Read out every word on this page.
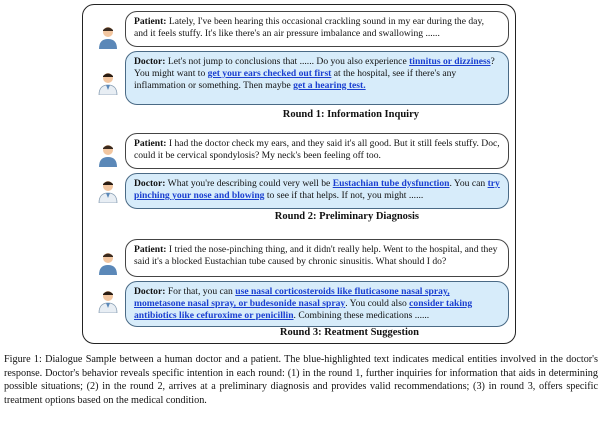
Patient: Lately, I've been hearing this occasional crackling sound in my ear during the day, and it feels stuffy. It's like there's an air pressure imbalance and swallowing ......
Doctor: Let's not jump to conclusions that ...... Do you also experience tinnitus or dizziness? You might want to get your ears checked out first at the hospital, see if there's any inflammation or something. Then maybe get a hearing test.
Round 1: Information Inquiry
Patient: I had the doctor check my ears, and they said it's all good. But it still feels stuffy. Doc, could it be cervical spondylosis? My neck's been feeling off too.
Doctor: What you're describing could very well be Eustachian tube dysfunction. You can try pinching your nose and blowing to see if that helps. If not, you might ......
Round 2: Preliminary Diagnosis
Patient: I tried the nose-pinching thing, and it didn't really help. Went to the hospital, and they said it's a blocked Eustachian tube caused by chronic sinusitis. What should I do?
Doctor: For that, you can use nasal corticosteroids like fluticasone nasal spray, mometasone nasal spray, or budesonide nasal spray. You could also consider taking antibiotics like cefuroxime or penicillin. Combining these medications ......
Round 3: Reatment Suggestion
Figure 1: Dialogue Sample between a human doctor and a patient. The blue-highlighted text indicates medical entities involved in the doctor's response. Doctor's behavior reveals specific intention in each round: (1) in the round 1, further inquiries for information that aids in determining possible situations; (2) in the round 2, arrives at a preliminary diagnosis and provides valid recommendations; (3) in round 3, offers specific treatment options based on the medical condition.
